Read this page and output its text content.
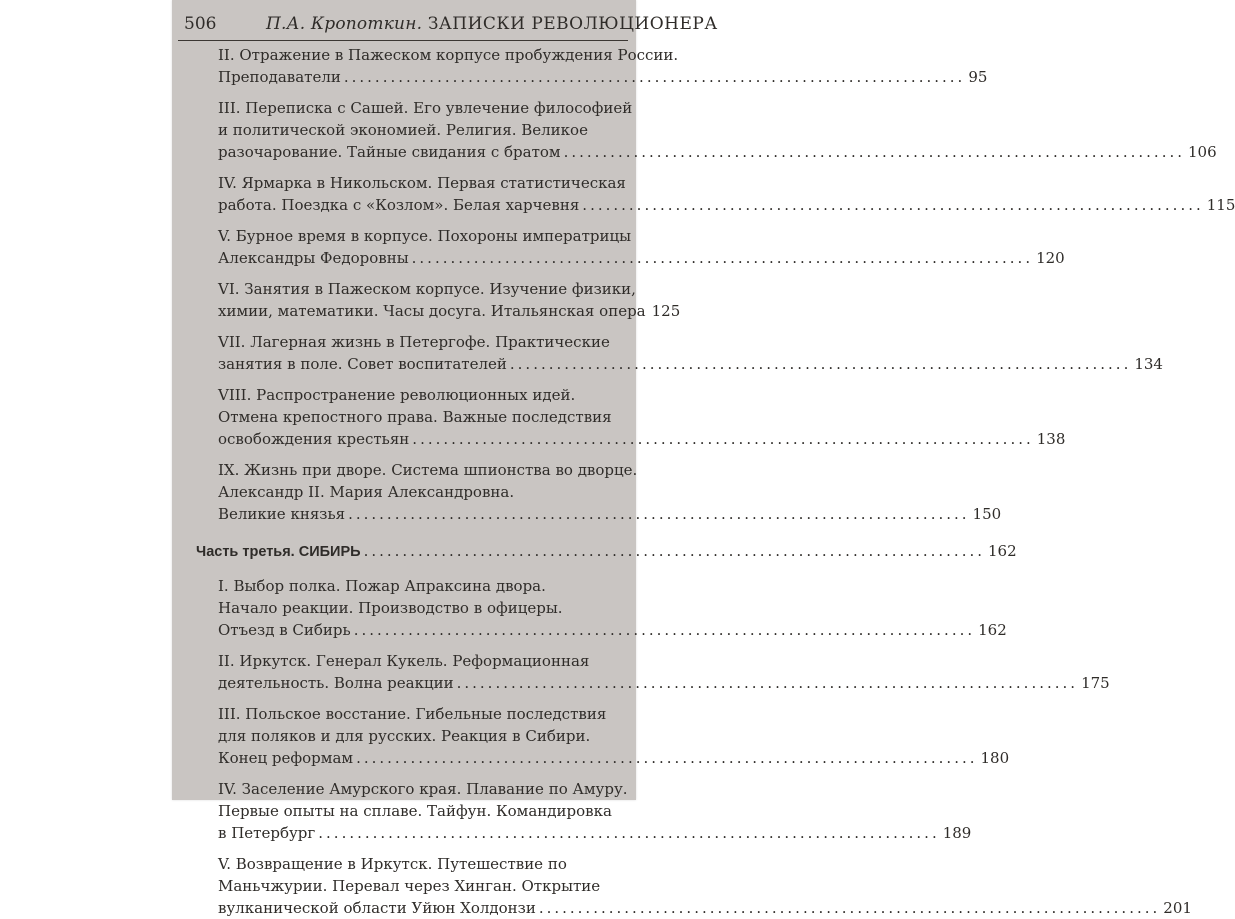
506	П.А. Кропоткин. ЗАПИСКИ РЕВОЛЮЦИОНЕРА
II. Отражение в Пажеском корпусе пробуждения России.
Преподаватели ................................................................................ 95
III. Переписка с Сашей. Его увлечение философией
и политической экономией. Религия. Великое
разочарование. Тайные свидания с братом ................................................................................ 106
IV. Ярмарка в Никольском. Первая статистическая
работа. Поездка с «Козлом». Белая харчевня ................................................................................ 115
V. Бурное время в корпусе. Похороны императрицы
Александры Федоровны ................................................................................ 120
VI. Занятия в Пажеском корпусе. Изучение физики,
химии, математики. Часы досуга. Итальянская опера 125
VII. Лагерная жизнь в Петергофе. Практические
занятия в поле. Совет воспитателей ................................................................................ 134
VIII. Распространение революционных идей.
Отмена крепостного права. Важные последствия
освобождения крестьян ................................................................................ 138
IX. Жизнь при дворе. Система шпионства во дворце.
Александр II. Мария Александровна.
Великие князья ................................................................................ 150
Часть третья. СИБИРЬ ................................................................................ 162
I. Выбор полка. Пожар Апраксина двора.
Начало реакции. Производство в офицеры.
Отъезд в Сибирь ................................................................................ 162
II. Иркутск. Генерал Кукель. Реформационная
деятельность. Волна реакции ................................................................................ 175
III. Польское восстание. Гибельные последствия
для поляков и для русских. Реакция в Сибири.
Конец реформам ................................................................................ 180
IV. Заселение Амурского края. Плавание по Амуру.
Первые опыты на сплаве. Тайфун. Командировка
в Петербург ................................................................................ 189
V. Возвращение в Иркутск. Путешествие по
Маньчжурии. Перевал через Хинган. Открытие
вулканической области Уйюн Холдонзи ................................................................................ 201
